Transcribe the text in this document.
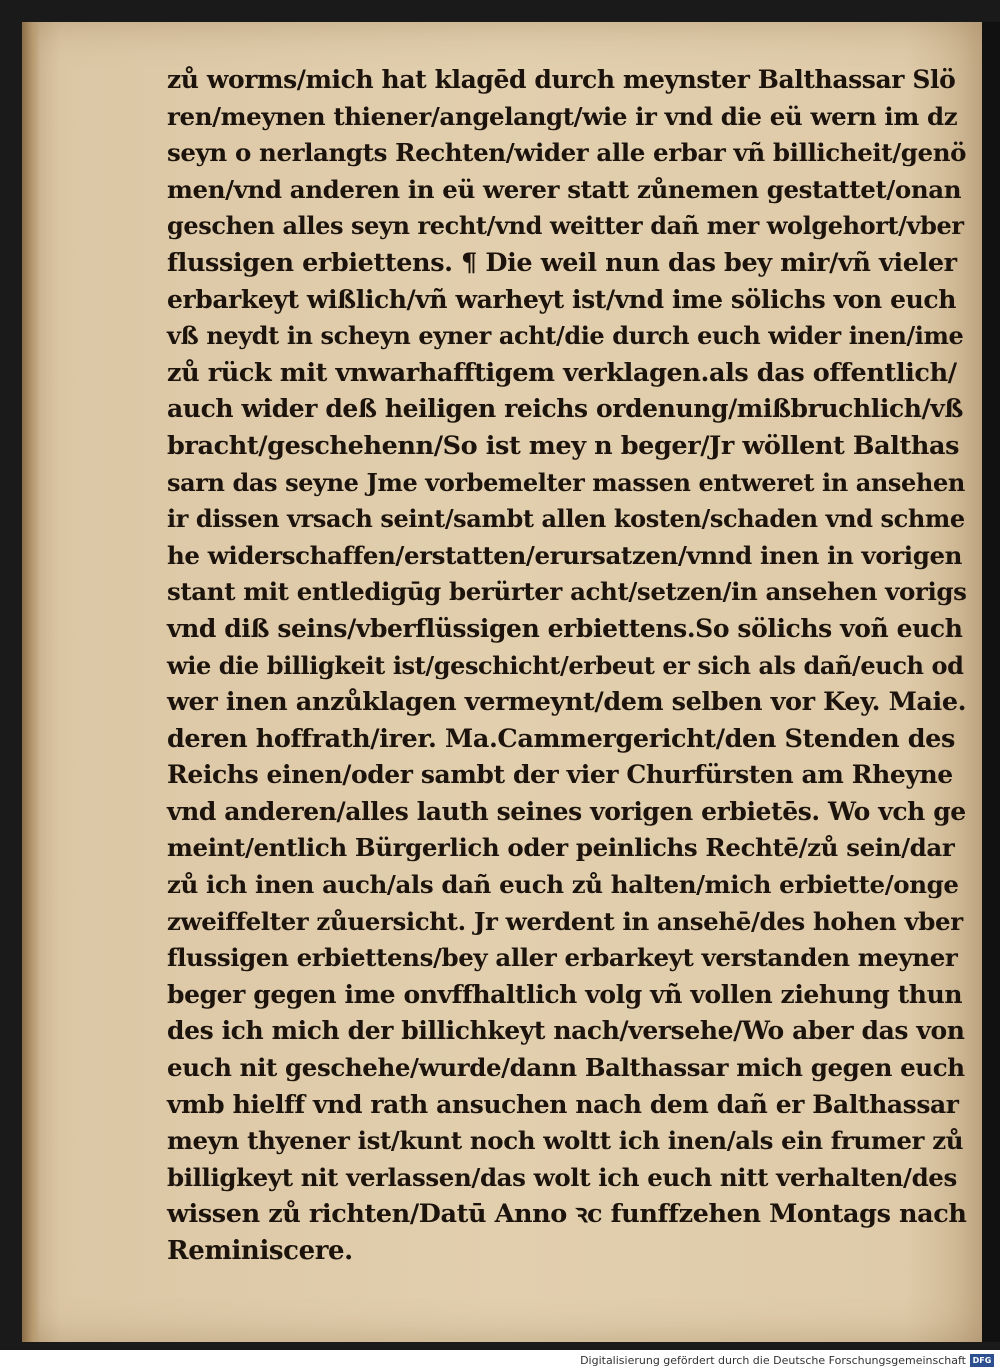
zů worms/mich hat klagēd durch meynster Balthassar Slö
ren/meynen thiener/angelangt/wie ir vnd die eü wern im dz
seyn o nerlangts Rechten/wider alle erbar vñ billicheit/genö
men/vnd anderen in eü werer statt zůnemen gestattet/onan
geschen alles seyn recht/vnd weitter dañ mer wolgehort/vber
flussigen erbiettens. ¶ Die weil nun das bey mir/vñ vieler
erbarkeyt wißlich/vñ warheyt ist/vnd ime sölichs von euch
vß neydt in scheyn eyner acht/die durch euch wider inen/ime
zů rück mit vnwarhafftigem verklagen.als das offentlich/
auch wider deß heiligen reichs ordenung/mißbruchlich/vß
bracht/geschehenn/So ist mey n beger/Jr wöllent Balthas
sarn das seyne Jme vorbemelter massen entweret in ansehen
ir dissen vrsach seint/sambt allen kosten/schaden vnd schme
he widerschaffen/erstatten/erursatzen/vnnd inen in vorigen
stant mit entledigūg berürter acht/setzen/in ansehen vorigs
vnd diß seins/vberflüssigen erbiettens.So sölichs voñ euch
wie die billigkeit ist/geschicht/erbeut er sich als dañ/euch od
wer inen anzůklagen vermeynt/dem selben vor Key. Maie.
deren hoffrath/irer. Ma.Cammergericht/den Stenden des
Reichs einen/oder sambt der vier Churfürsten am Rheyne
vnd anderen/alles lauth seines vorigen erbietēs. Wo vch ge
meint/entlich Bürgerlich oder peinlichs Rechtē/zů sein/dar
zů ich inen auch/als dañ euch zů halten/mich erbiette/onge
zweiffelter zůuersicht. Jr werdent in ansehē/des hohen vber
flussigen erbiettens/bey aller erbarkeyt verstanden meyner
beger gegen ime onvffhaltlich volg vñ vollen ziehung thun
des ich mich der billichkeyt nach/versehe/Wo aber das von
euch nit geschehe/wurde/dann Balthassar mich gegen euch
vmb hielff vnd rath ansuchen nach dem dañ er Balthassar
meyn thyener ist/kunt noch woltt ich inen/als ein frumer zů
billigkeyt nit verlassen/das wolt ich euch nitt verhalten/des
wissen zů richten/Datū Anno ꝛc funffzehen Montags nach
Reminiscere.
Digitalisierung gefördert durch die Deutsche Forschungsgemeinschaft DFG
